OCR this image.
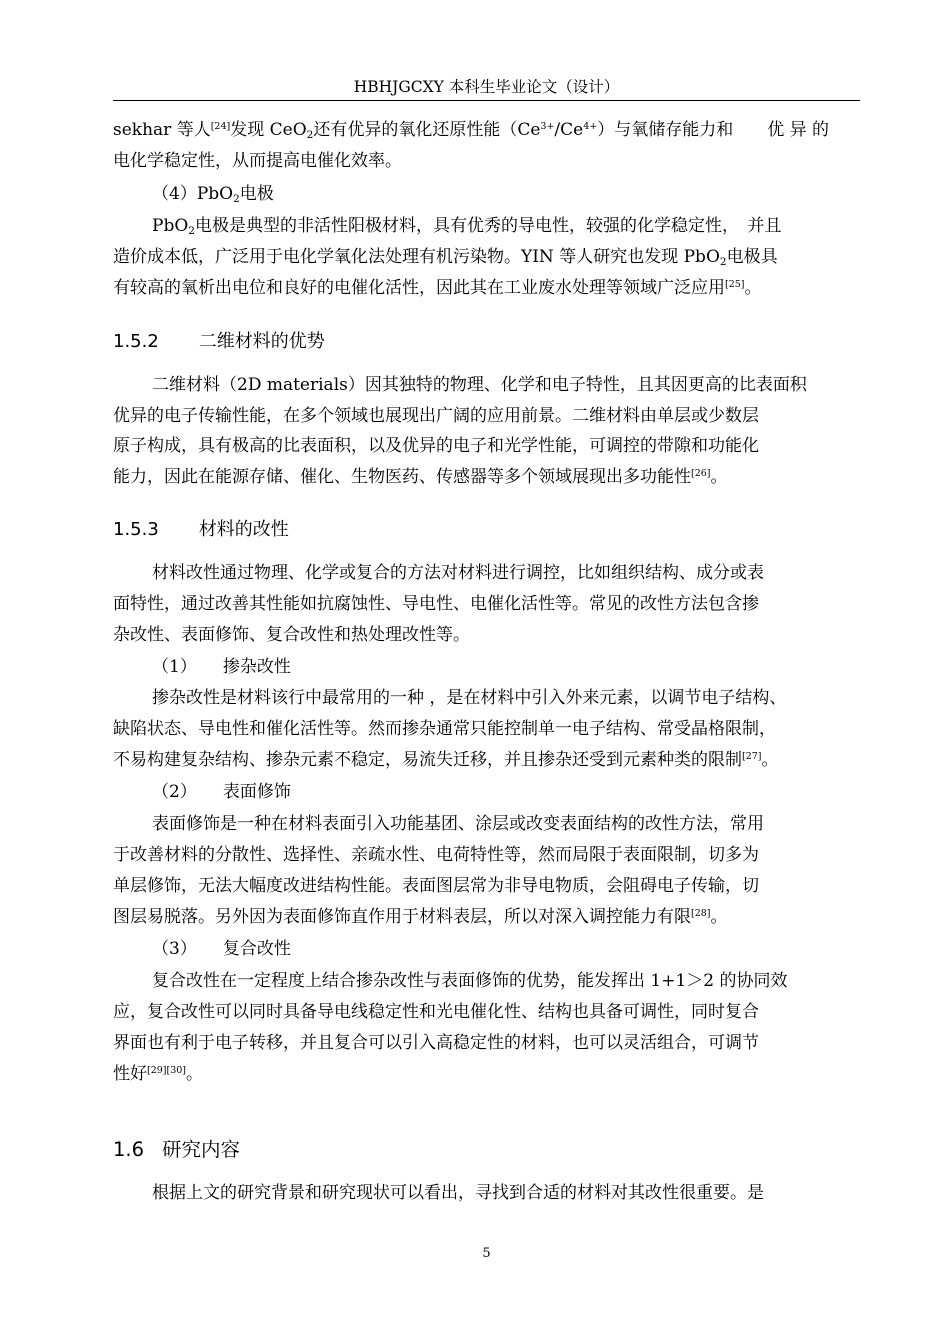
HBHJGCXY 本科生毕业论文（设计）
sekhar 等人[24]发现 CeO2还有优异的氧化还原性能$(Ce^{3+}/Ce^{4+})$与氧储存能力和　　优 异 的
电化学稳定性，从而提高电催化效率。
（4）PbO2电极
PbO2电极是典型的非活性阳极材料，具有优秀的导电性，较强的化学稳定性，　并且
造价成本低，广泛用于电化学氧化法处理有机污染物。YIN 等人研究也发现 PbO2电极具
有较高的氧析出电位和良好的电催化活性，因此其在工业废水处理等领域广泛应用[25]。
1.5.2 二维材料的优势
二维材料（2D materials）因其独特的物理、化学和电子特性，且其因更高的比表面积
优异的电子传输性能，在多个领域也展现出广阔的应用前景。二维材料由单层或少数层
原子构成，具有极高的比表面积，以及优异的电子和光学性能，可调控的带隙和功能化
能力，因此在能源存储、催化、生物医药、传感器等多个领域展现出多功能性[26]。
1.5.3 材料的改性
材料改性通过物理、化学或复合的方法对材料进行调控，比如组织结构、成分或表
面特性，通过改善其性能如抗腐蚀性、导电性、电催化活性等。常见的改性方法包含掺
杂改性、表面修饰、复合改性和热处理改性等。
（1） 掺杂改性
掺杂改性是材料该行中最常用的一种 ，是在材料中引入外来元素，以调节电子结构、
缺陷状态、导电性和催化活性等。然而掺杂通常只能控制单一电子结构、常受晶格限制，
不易构建复杂结构、掺杂元素不稳定，易流失迁移，并且掺杂还受到元素种类的限制[27]。
（2） 表面修饰
表面修饰是一种在材料表面引入功能基团、涂层或改变表面结构的改性方法，常用
于改善材料的分散性、选择性、亲疏水性、电荷特性等，然而局限于表面限制，切多为
单层修饰，无法大幅度改进结构性能。表面图层常为非导电物质，会阻碍电子传输，切
图层易脱落。另外因为表面修饰直作用于材料表层，所以对深入调控能力有限[28]。
（3） 复合改性
复合改性在一定程度上结合掺杂改性与表面修饰的优势，能发挥出 1+1＞2 的协同效
应，复合改性可以同时具备导电线稳定性和光电催化性、结构也具备可调性，同时复合
界面也有利于电子转移，并且复合可以引入高稳定性的材料，也可以灵活组合，可调节
性好[29][30]。
1.6 研究内容
根据上文的研究背景和研究现状可以看出，寻找到合适的材料对其改性很重要。是
5
